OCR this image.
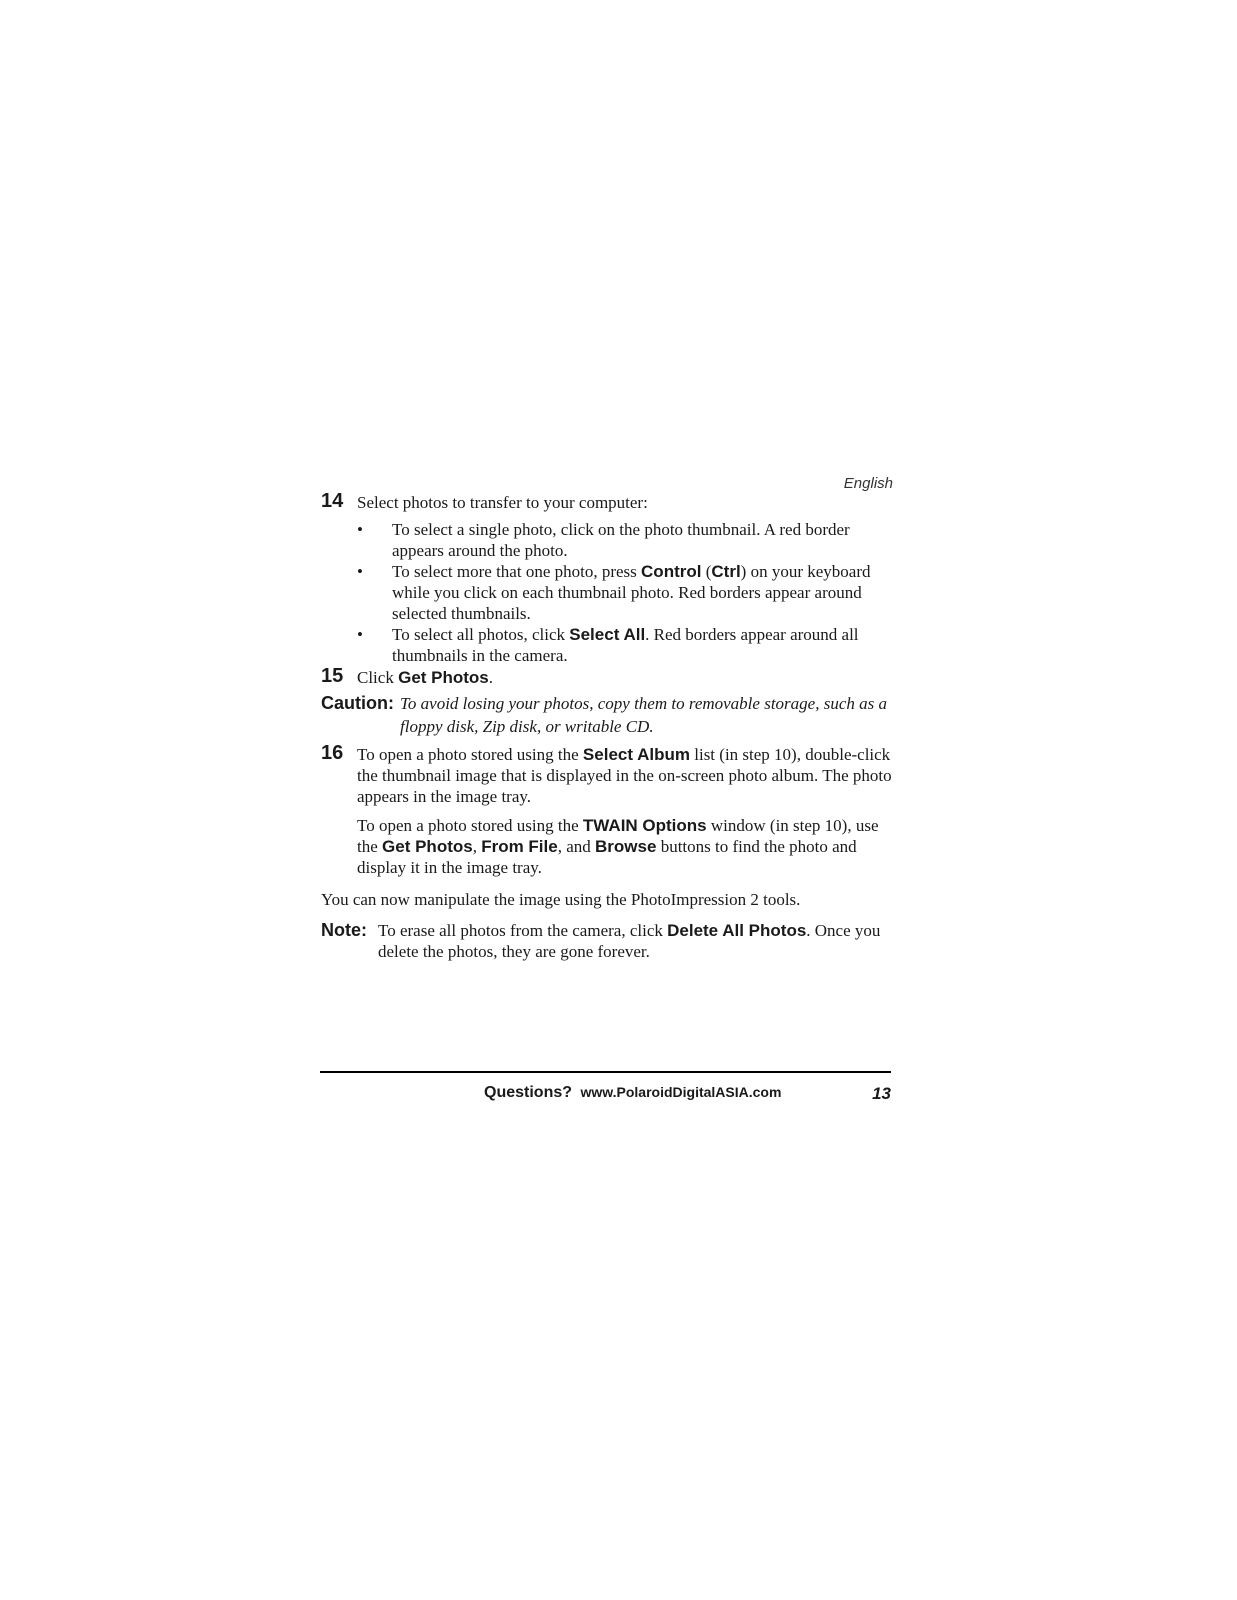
English
14 Select photos to transfer to your computer:
• To select a single photo, click on the photo thumbnail. A red border appears around the photo.
• To select more that one photo, press Control (Ctrl) on your keyboard while you click on each thumbnail photo. Red borders appear around selected thumbnails.
• To select all photos, click Select All. Red borders appear around all thumbnails in the camera.
15 Click Get Photos.
Caution: To avoid losing your photos, copy them to removable storage, such as a floppy disk, Zip disk, or writable CD.
16 To open a photo stored using the Select Album list (in step 10), double-click the thumbnail image that is displayed in the on-screen photo album. The photo appears in the image tray.
To open a photo stored using the TWAIN Options window (in step 10), use the Get Photos, From File, and Browse buttons to find the photo and display it in the image tray.
You can now manipulate the image using the PhotoImpression 2 tools.
Note: To erase all photos from the camera, click Delete All Photos. Once you delete the photos, they are gone forever.
Questions? www.PolaroidDigitalASIA.com	13
